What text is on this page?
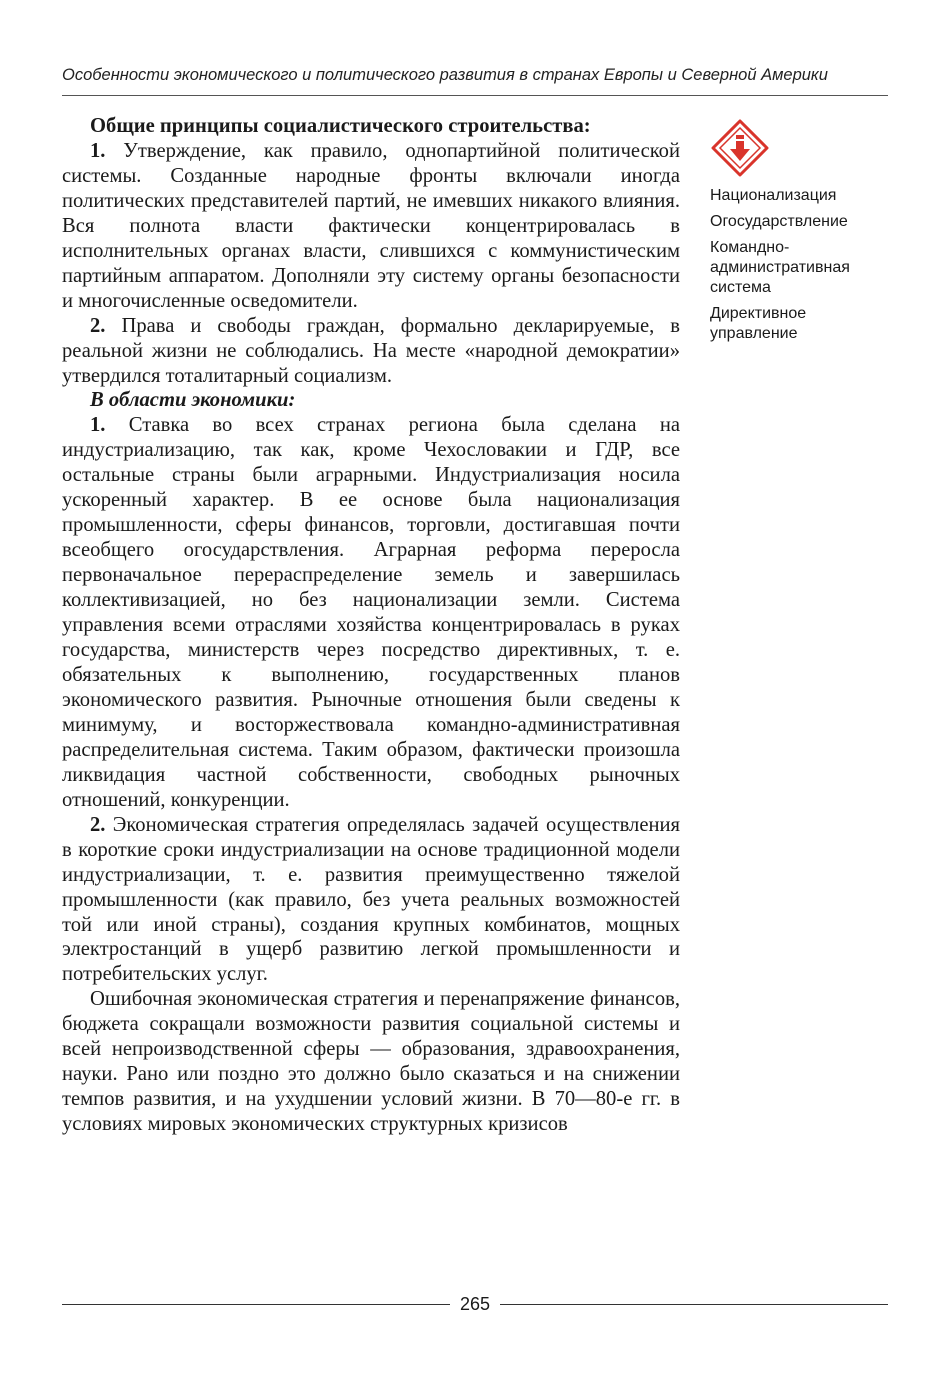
Особенности экономического и политического развития в странах Европы и Северной Америки

Общие принципы социалистического строительства:

1. Утверждение, как правило, однопартийной политической системы. Созданные народные фронты включали иногда политических представителей партий, не имевших никакого влияния. Вся полнота власти фактически концентрировалась в исполнительных органах власти, слившихся с коммунистическим партийным аппаратом. Дополняли эту систему органы безопасности и многочисленные осведомители.

2. Права и свободы граждан, формально декларируемые, в реальной жизни не соблюдались. На месте «народной демократии» утвердился тоталитарный социализм.

В области экономики:

1. Ставка во всех странах региона была сделана на индустриализацию, так как, кроме Чехословакии и ГДР, все остальные страны были аграрными. Индустриализация носила ускоренный характер. В ее основе была национализация промышленности, сферы финансов, торговли, достигавшая почти всеобщего огосударствления. Аграрная реформа переросла первоначальное перераспределение земель и завершилась коллективизацией, но без национализации земли. Система управления всеми отраслями хозяйства концентрировалась в руках государства, министерств через посредство директивных, т. е. обязательных к выполнению, государственных планов экономического развития. Рыночные отношения были сведены к минимуму, и восторжествовала командно-административная распределительная система. Таким образом, фактически произошла ликвидация частной собственности, свободных рыночных отношений, конкуренции.

2. Экономическая стратегия определялась задачей осуществления в короткие сроки индустриализации на основе традиционной модели индустриализации, т. е. развития преимущественно тяжелой промышленности (как правило, без учета реальных возможностей той или иной страны), создания крупных комбинатов, мощных электростанций в ущерб развитию легкой промышленности и потребительских услуг.

Ошибочная экономическая стратегия и перенапряжение финансов, бюджета сокращали возможности развития социальной системы и всей непроизводственной сферы — образования, здравоохранения, науки. Рано или поздно это должно было сказаться и на снижении темпов развития, и на ухудшении условий жизни. В 70—80-е гг. в условиях мировых экономических структурных кризисов

Национализация
Огосударствление
Командно-административная система
Директивное управление
265
